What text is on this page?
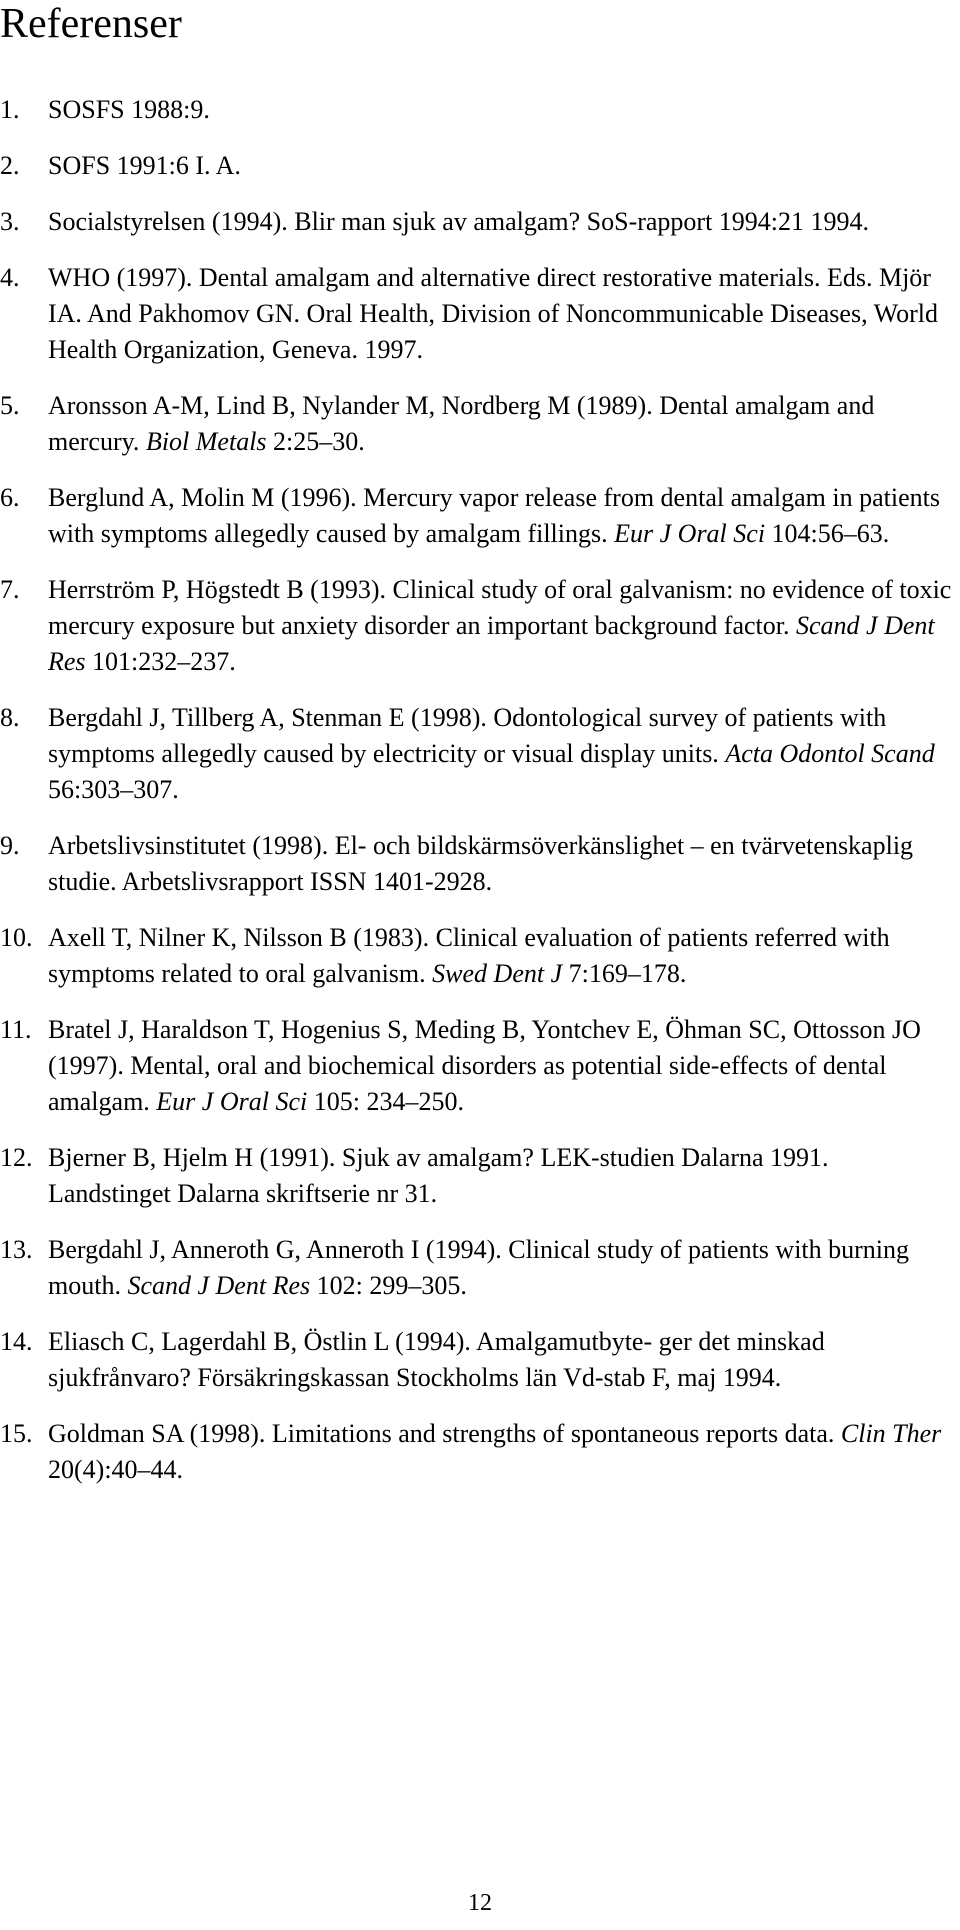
Referenser
1.	SOSFS 1988:9.
2.	SOFS 1991:6 I. A.
3.	Socialstyrelsen (1994). Blir man sjuk av amalgam? SoS-rapport 1994:21 1994.
4.	WHO (1997). Dental amalgam and alternative direct restorative materials. Eds. Mjör IA. And Pakhomov GN. Oral Health, Division of Noncommunicable Diseases, World Health Organization, Geneva. 1997.
5.	Aronsson A-M, Lind B, Nylander M, Nordberg M (1989). Dental amalgam and mercury. Biol Metals 2:25–30.
6.	Berglund A, Molin M (1996). Mercury vapor release from dental amalgam in patients with symptoms allegedly caused by amalgam fillings. Eur J Oral Sci 104:56–63.
7.	Herrström P, Högstedt B (1993). Clinical study of oral galvanism: no evidence of toxic mercury exposure but anxiety disorder an important background factor. Scand J Dent Res 101:232–237.
8.	Bergdahl J, Tillberg A, Stenman E (1998). Odontological survey of patients with symptoms allegedly caused by electricity or visual display units. Acta Odontol Scand 56:303–307.
9.	Arbetslivsinstitutet (1998). El- och bildskärmsöverkänslighet – en tvärvetenskaplig studie. Arbetslivsrapport ISSN 1401-2928.
10. Axell T, Nilner K, Nilsson B (1983). Clinical evaluation of patients referred with symptoms related to oral galvanism. Swed Dent J 7:169–178.
11. Bratel J, Haraldson T, Hogenius S, Meding B, Yontchev E, Öhman SC, Ottosson JO (1997). Mental, oral and biochemical disorders as potential side-effects of dental amalgam. Eur J Oral Sci 105: 234–250.
12. Bjerner B, Hjelm H (1991). Sjuk av amalgam? LEK-studien Dalarna 1991. Landstinget Dalarna skriftserie nr 31.
13. Bergdahl J, Anneroth G, Anneroth I (1994). Clinical study of patients with burning mouth. Scand J Dent Res 102: 299–305.
14. Eliasch C, Lagerdahl B, Östlin L (1994). Amalgamutbyte- ger det minskad sjukfrånvaro? Försäkringskassan Stockholms län Vd-stab F, maj 1994.
15. Goldman SA (1998). Limitations and strengths of spontaneous reports data. Clin Ther 20(4):40–44.
12
